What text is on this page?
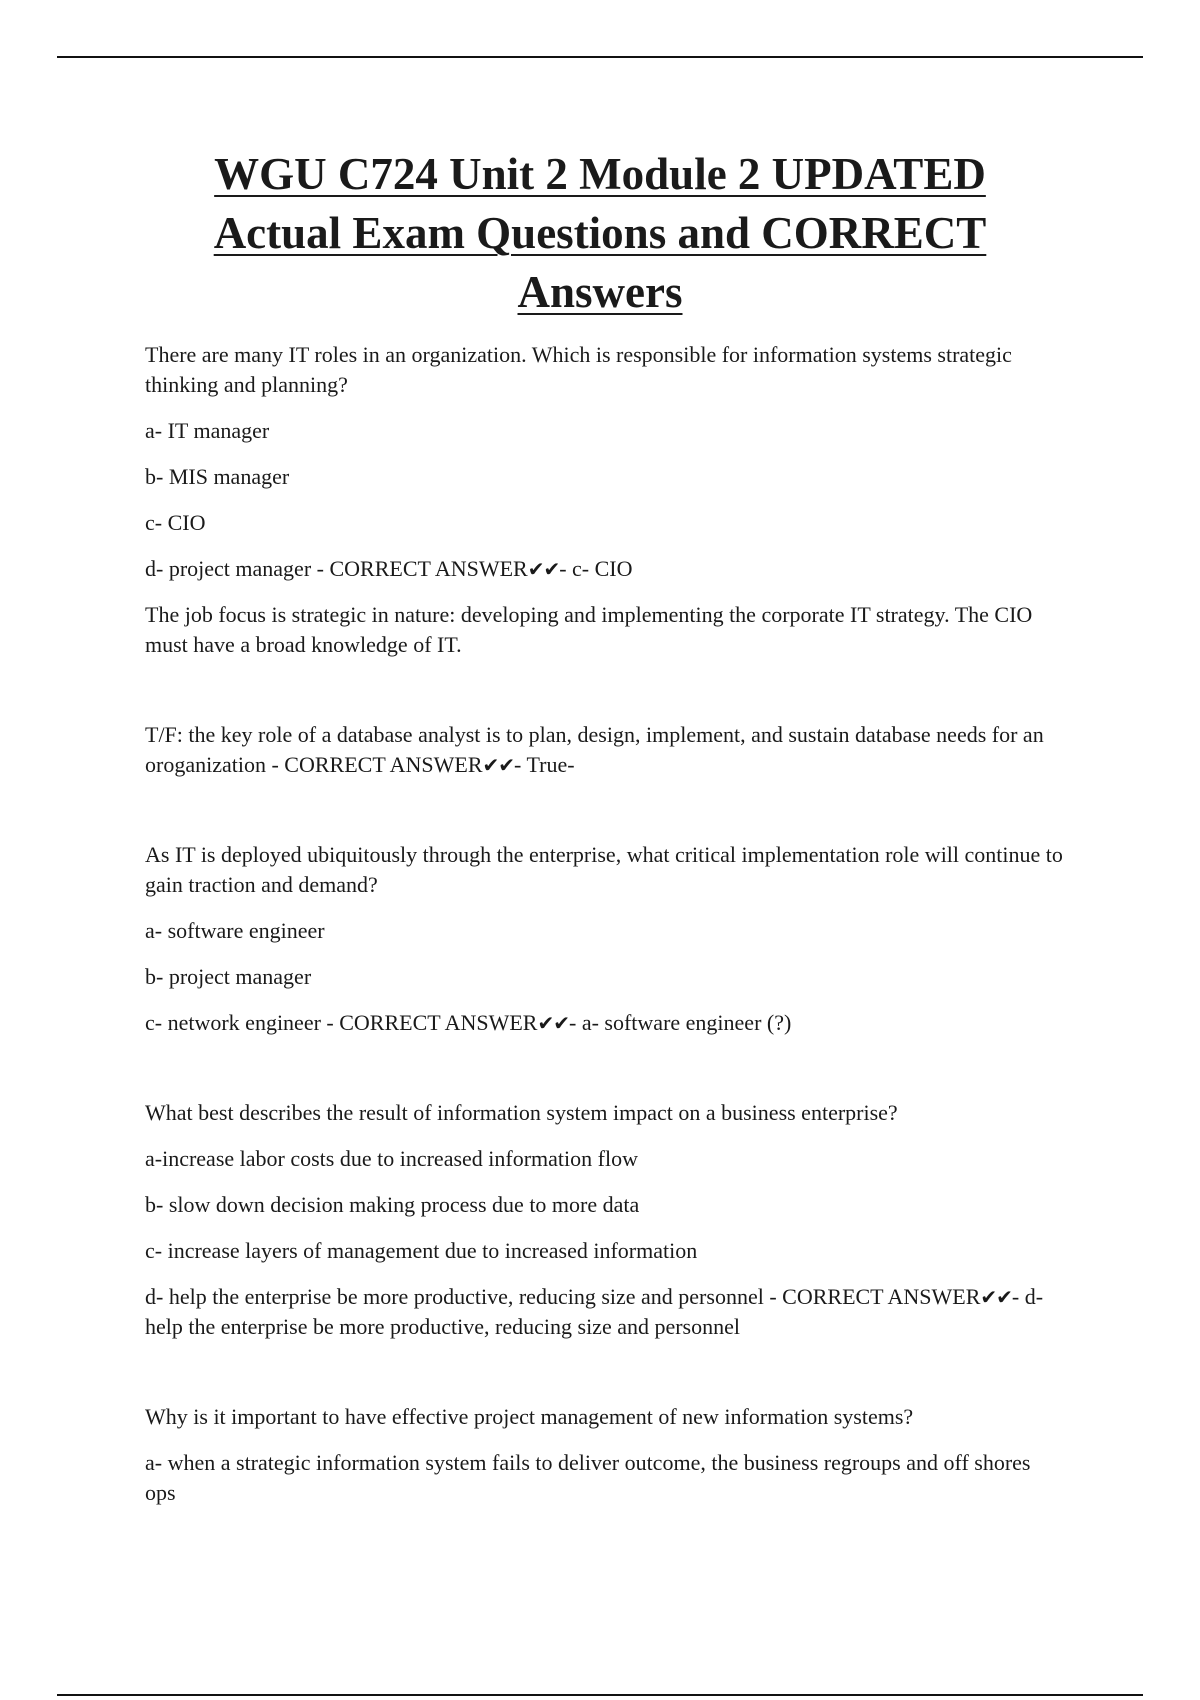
WGU C724 Unit 2 Module 2 UPDATED
Actual Exam Questions and CORRECT
Answers

There are many IT roles in an organization. Which is responsible for information systems strategic thinking and planning?

a- IT manager

b- MIS manager

c- CIO

d- project manager - CORRECT ANSWER✔✔- c- CIO

The job focus is strategic in nature: developing and implementing the corporate IT strategy. The CIO must have a broad knowledge of IT.

T/F: the key role of a database analyst is to plan, design, implement, and sustain database needs for an oroganization - CORRECT ANSWER✔✔- True-

As IT is deployed ubiquitously through the enterprise, what critical implementation role will continue to gain traction and demand?

a- software engineer

b- project manager

c- network engineer - CORRECT ANSWER✔✔- a- software engineer (?)

What best describes the result of information system impact on a business enterprise?

a-increase labor costs due to increased information flow

b- slow down decision making process due to more data

c- increase layers of management due to increased information

d- help the enterprise be more productive, reducing size and personnel - CORRECT ANSWER✔✔- d- help the enterprise be more productive, reducing size and personnel

Why is it important to have effective project management of new information systems?

a- when a strategic information system fails to deliver outcome, the business regroups and off shores ops
